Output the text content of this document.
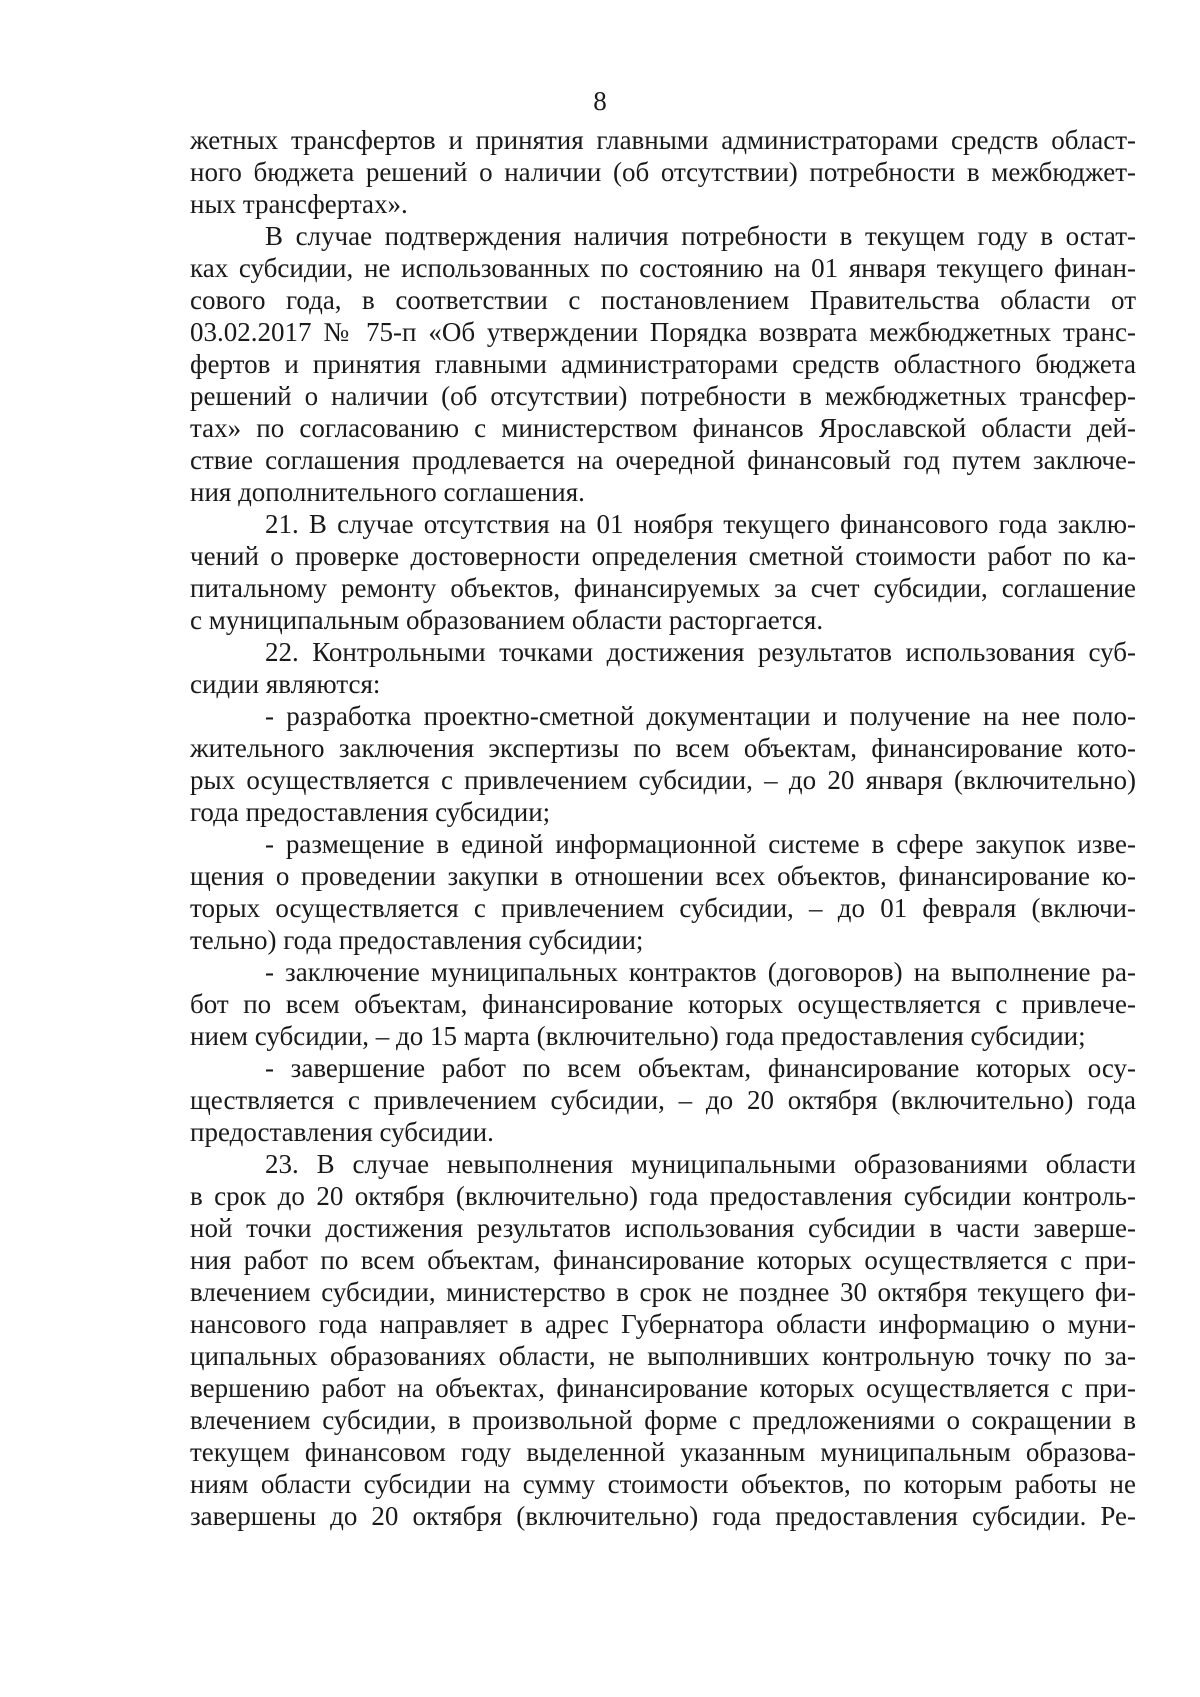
8

жетных трансфертов и принятия главными администраторами средств област-
ного бюджета решений о наличии (об отсутствии) потребности в межбюджет-
ных трансфертах».

В случае подтверждения наличия потребности в текущем году в остат-
ках субсидии, не использованных по состоянию на 01 января текущего финан-
сового года, в соответствии с постановлением Правительства области от
03.02.2017 № 75-п «Об утверждении Порядка возврата межбюджетных транс-
фертов и принятия главными администраторами средств областного бюджета
решений о наличии (об отсутствии) потребности в межбюджетных трансфер-
тах» по согласованию с министерством финансов Ярославской области дей-
ствие соглашения продлевается на очередной финансовый год путем заключе-
ния дополнительного соглашения.

21. В случае отсутствия на 01 ноября текущего финансового года заклю-
чений о проверке достоверности определения сметной стоимости работ по ка-
питальному ремонту объектов, финансируемых за счет субсидии, соглашение
с муниципальным образованием области расторгается.

22. Контрольными точками достижения результатов использования суб-
сидии являются:

- разработка проектно-сметной документации и получение на нее поло-
жительного заключения экспертизы по всем объектам, финансирование кото-
рых осуществляется с привлечением субсидии, – до 20 января (включительно)
года предоставления субсидии;

- размещение в единой информационной системе в сфере закупок изве-
щения о проведении закупки в отношении всех объектов, финансирование ко-
торых осуществляется с привлечением субсидии, – до 01 февраля (включи-
тельно) года предоставления субсидии;

- заключение муниципальных контрактов (договоров) на выполнение ра-
бот по всем объектам, финансирование которых осуществляется с привлече-
нием субсидии, – до 15 марта (включительно) года предоставления субсидии;

- завершение работ по всем объектам, финансирование которых осу-
ществляется с привлечением субсидии, – до 20 октября (включительно) года
предоставления субсидии.

23. В случае невыполнения муниципальными образованиями области
в срок до 20 октября (включительно) года предоставления субсидии контроль-
ной точки достижения результатов использования субсидии в части заверше-
ния работ по всем объектам, финансирование которых осуществляется с при-
влечением субсидии, министерство в срок не позднее 30 октября текущего фи-
нансового года направляет в адрес Губернатора области информацию о муни-
ципальных образованиях области, не выполнивших контрольную точку по за-
вершению работ на объектах, финансирование которых осуществляется с при-
влечением субсидии, в произвольной форме с предложениями о сокращении в
текущем финансовом году выделенной указанным муниципальным образова-
ниям области субсидии на сумму стоимости объектов, по которым работы не
завершены до 20 октября (включительно) года предоставления субсидии. Ре-
